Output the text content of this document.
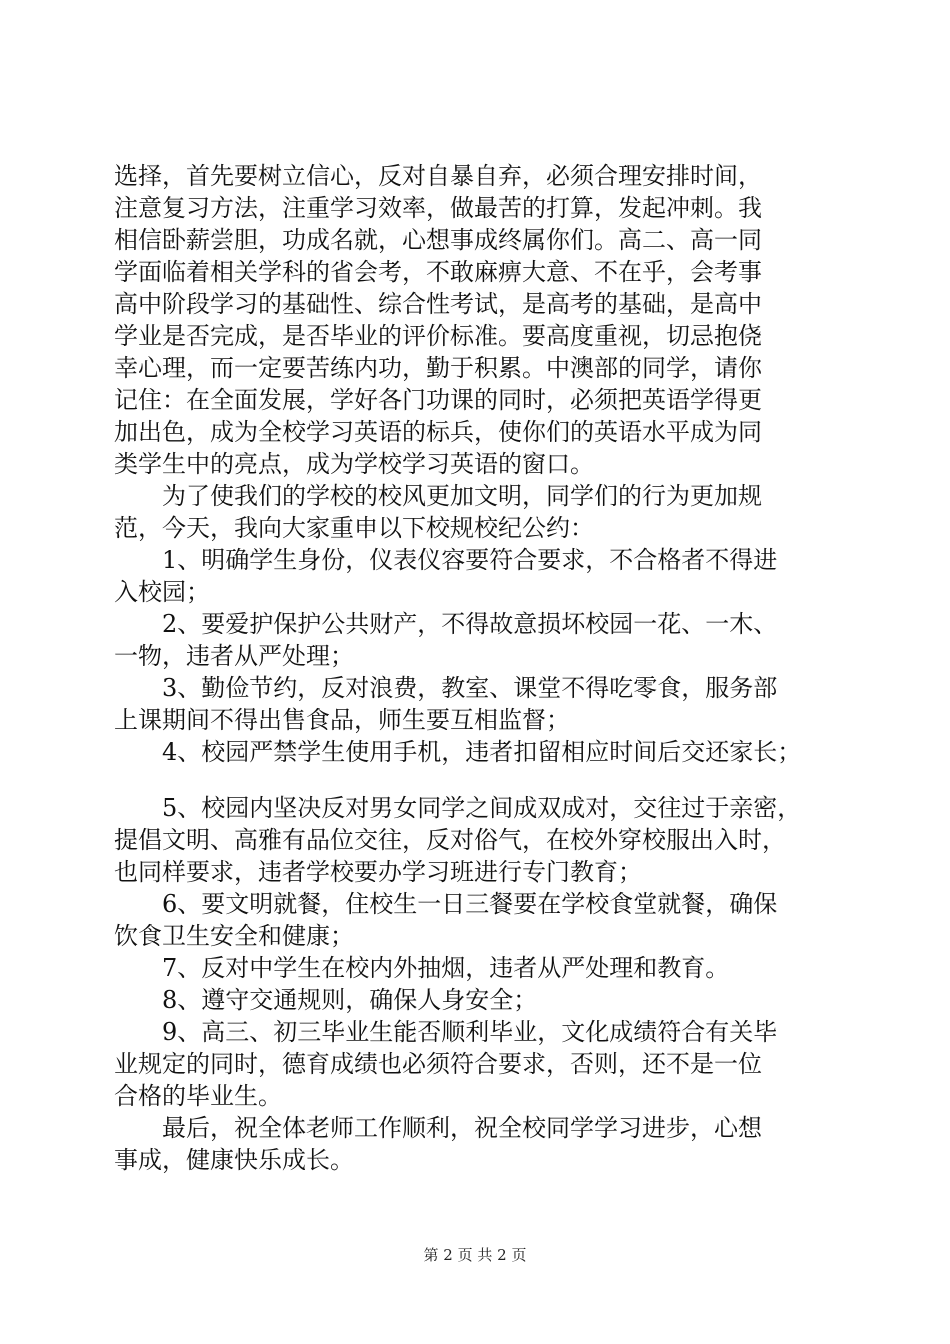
选择，首先要树立信心，反对自暴自弃，必须合理安排时间，
注意复习方法，注重学习效率，做最苦的打算，发起冲刺。我
相信卧薪尝胆，功成名就，心想事成终属你们。高二、高一同
学面临着相关学科的省会考，不敢麻痹大意、不在乎，会考事
高中阶段学习的基础性、综合性考试，是高考的基础，是高中
学业是否完成，是否毕业的评价标准。要高度重视，切忌抱侥
幸心理，而一定要苦练内功，勤于积累。中澳部的同学，请你
记住：在全面发展，学好各门功课的同时，必须把英语学得更
加出色，成为全校学习英语的标兵，使你们的英语水平成为同
类学生中的亮点，成为学校学习英语的窗口。
　　为了使我们的学校的校风更加文明，同学们的行为更加规
范，今天，我向大家重申以下校规校纪公约：
　　1、明确学生身份，仪表仪容要符合要求，不合格者不得进
入校园；
　　2、要爱护保护公共财产，不得故意损坏校园一花、一木、
一物，违者从严处理；
　　3、勤俭节约，反对浪费，教室、课堂不得吃零食，服务部
上课期间不得出售食品，师生要互相监督；
　　4、校园严禁学生使用手机，违者扣留相应时间后交还家长；
　　5、校园内坚决反对男女同学之间成双成对，交往过于亲密，
提倡文明、高雅有品位交往，反对俗气，在校外穿校服出入时，
也同样要求，违者学校要办学习班进行专门教育；
　　6、要文明就餐，住校生一日三餐要在学校食堂就餐，确保
饮食卫生安全和健康；
　　7、反对中学生在校内外抽烟，违者从严处理和教育。
　　8、遵守交通规则，确保人身安全；
　　9、高三、初三毕业生能否顺利毕业，文化成绩符合有关毕
业规定的同时，德育成绩也必须符合要求，否则，还不是一位
合格的毕业生。
　　最后，祝全体老师工作顺利，祝全校同学学习进步，心想
事成，健康快乐成长。
第 2 页 共 2 页
